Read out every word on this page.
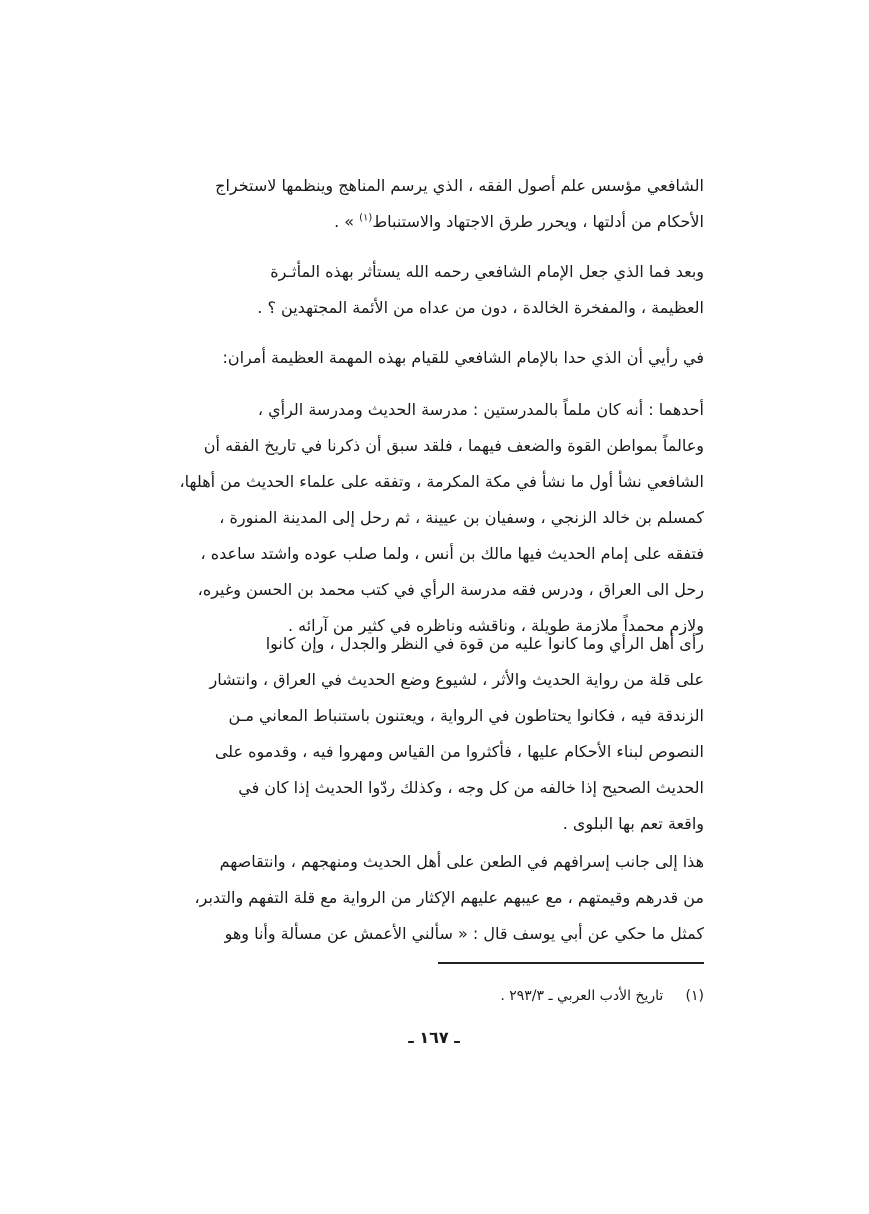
الشافعي مؤسس علم أصول الفقه ، الذي يرسم المناهج وينظمها لاستخراج
الأحكام من أدلتها ، ويحرر طرق الاجتهاد والاستنباط$^{(١)}$ » .
وبعد فما الذي جعل الإمام الشافعي رحمه الله يستأثر بهذه المأثـرة
العظيمة ، والمفخرة الخالدة ، دون من عداه من الأئمة المجتهدين ؟ .
في رأيي أن الذي حدا بالإمام الشافعي للقيام بهذه المهمة العظيمة أمران:
أحدهما : أنه كان ملماً بالمدرستين : مدرسة الحديث ومدرسة الرأي ،
وعالماً بمواطن القوة والضعف فيهما ، فلقد سبق أن ذكرنا في تاريخ الفقه أن
الشافعي نشأ أول ما نشأ في مكة المكرمة ، وتفقه على علماء الحديث من أهلها،
كمسلم بن خالد الزنجي ، وسفيان بن عيينة ، ثم رحل إلى المدينة المنورة ،
فتفقه على إمام الحديث فيها مالك بن أنس ، ولما صلب عوده واشتد ساعده ،
رحل الى العراق ، ودرس فقه مدرسة الرأي في كتب محمد بن الحسن وغيره،
ولازم محمداً ملازمة طويلة ، وناقشه وناظره في كثير من آرائه .
رأى أهل الرأي وما كانوا عليه من قوة في النظر والجدل ، وإن كانوا
على قلة من رواية الحديث والأثر ، لشيوع وضع الحديث في العراق ، وانتشار
الزندقة فيه ، فكانوا يحتاطون في الرواية ، ويعتنون باستنباط المعاني مـن
النصوص لبناء الأحكام عليها ، فأكثروا من القياس ومهروا فيه ، وقدموه على
الحديث الصحيح إذا خالفه من كل وجه ، وكذلك ردّوا الحديث إذا كان في
واقعة تعم بها البلوى .
هذا إلى جانب إسرافهم في الطعن على أهل الحديث ومنهجهم ، وانتقاصهم
من قدرهم وقيمتهم ، مع عيبهم عليهم الإكثار من الرواية مع قلة التفهم والتدبر،
كمثل ما حكي عن أبي يوسف قال : « سألني الأعمش عن مسألة وأنا وهو
(١)     تاريخ الأدب العربي ـ ٢٩٣/٣ .
ـ ١٦٧ ـ
